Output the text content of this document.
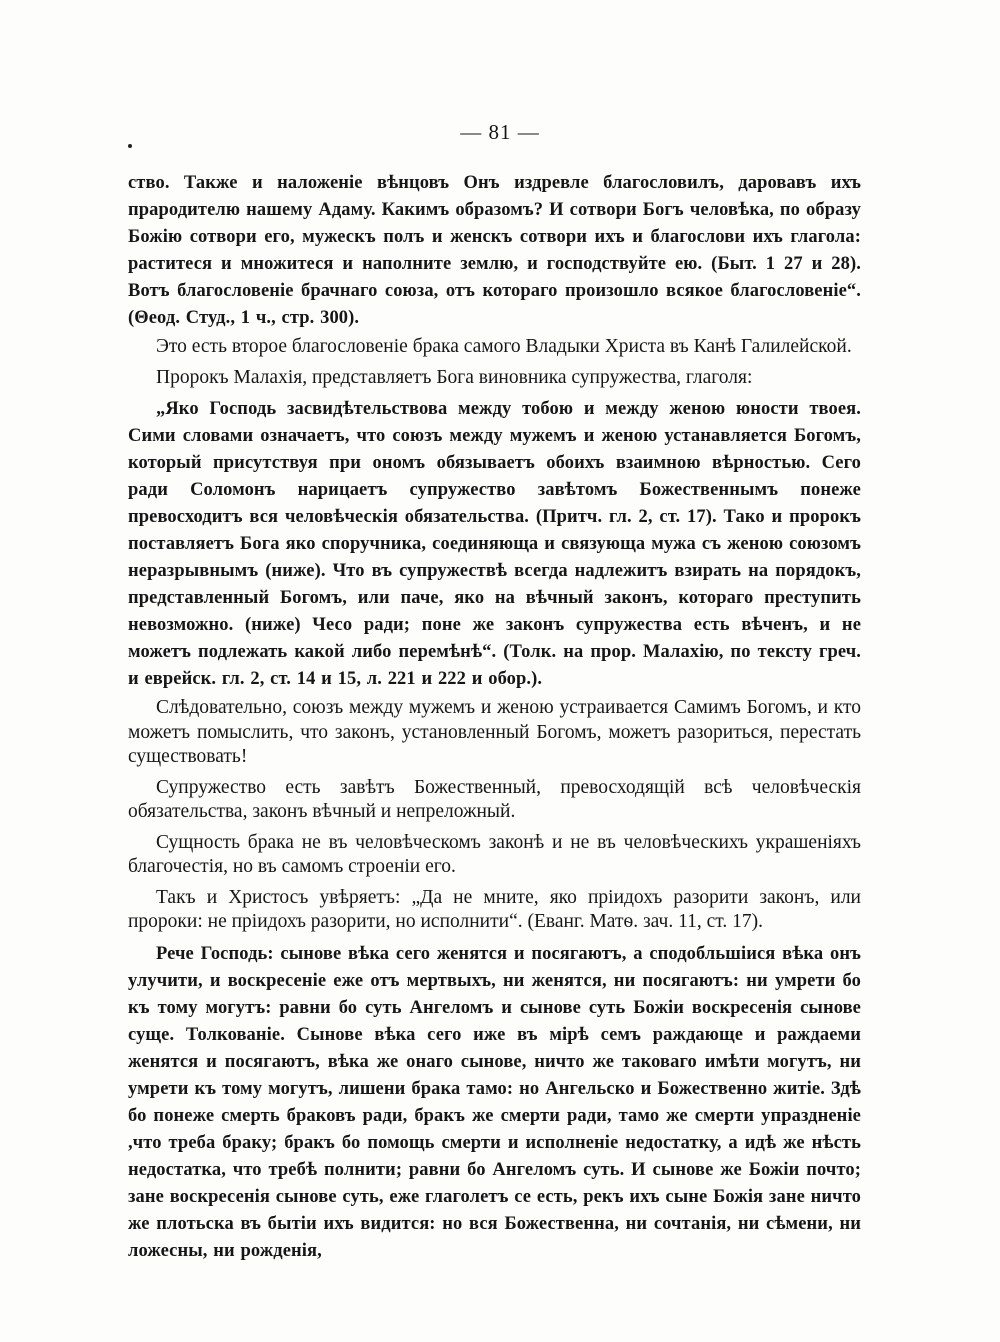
— 81 —

ство. Также и наложеніе вѣнцовъ Онъ издревле благословилъ, даровавъ ихъ прародителю нашему Адаму. Какимъ образомъ? И сотвори Богъ человѣка, по образу Божію сотвори его, мужескъ полъ и женскъ сотвори ихъ и благослови ихъ глагола: раститеся и множитеся и наполните землю, и господствуйте ею. (Быт. 1 27 и 28). Вотъ благословеніе брачнаго союза, отъ котораго произошло всякое благословеніе“. (Θеод. Студ., 1 ч., стр. 300).

Это есть второе благословеніе брака самого Владыки Христа въ Канѣ Галилейской.

Пророкъ Малахія, представляетъ Бога виновника супружества, глаголя:

„Яко Господь засвидѣтельствова между тобою и между женою юности твоея. Сими словами означаетъ, что союзъ между мужемъ и женою устанавляется Богомъ, который присутствуя при ономъ обязываетъ обоихъ взаимною вѣрностью. Сего ради Соломонъ нарицаетъ супружество завѣтомъ Божественнымъ понеже превосходитъ вся человѣческія обязательства. (Притч. гл. 2, ст. 17). Тако и пророкъ поставляетъ Бога яко споручника, соединяюща и связующа мужа съ женою союзомъ неразрывнымъ (ниже). Что въ супружествѣ всегда надлежитъ взирать на порядокъ, представленный Богомъ, или паче, яко на вѣчный законъ, котораго преступить невозможно. (ниже) Чесо ради; поне же законъ супружества есть вѣченъ, и не можетъ подлежать какой либо перемѣнѣ“. (Толк. на прор. Малахію, по тексту греч. и еврейск. гл. 2, ст. 14 и 15, л. 221 и 222 и обор.).

Слѣдовательно, союзъ между мужемъ и женою устраивается Самимъ Богомъ, и кто можетъ помыслить, что законъ, установленный Богомъ, можетъ разориться, перестать существовать!

Супружество есть завѣтъ Божественный, превосходящій всѣ человѣческія обязательства, законъ вѣчный и непреложный.

Сущность брака не въ человѣческомъ законѣ и не въ человѣческихъ украшеніяхъ благочестія, но въ самомъ строеніи его.

Такъ и Христосъ увѣряетъ: „Да не мните, яко пріидохъ разорити законъ, или пророки: не пріидохъ разорити, но исполнити“. (Еванг. Матѳ. зач. 11, ст. 17).

Рече Господь: сынове вѣка сего женятся и посягаютъ, а сподобльшіися вѣка онъ улучити, и воскресеніе еже отъ мертвыхъ, ни женятся, ни посягаютъ: ни умрети бо къ тому могутъ: равни бо суть Ангеломъ и сынове суть Божіи воскресенія сынове суще. Толкованіе. Сынове вѣка сего иже въ мірѣ семъ раждающе и раждаеми женятся и посягаютъ, вѣка же онаго сынове, ничто же таковаго имѣти могутъ, ни умрети къ тому могутъ, лишени брака тамо: но Ангельско и Божественно житіе. Здѣ бо понеже смерть браковъ ради, бракъ же смерти ради, тамо же смерти упраздненіе ,что треба браку; бракъ бо помощь смерти и исполненіе недостатку, а идѣ же нѣсть недостатка, что требѣ полнити; равни бо Ангеломъ суть. И сынове же Божіи почто; зане воскресенія сынове суть, еже глаголетъ се есть, рекъ ихъ сыне Божія зане ничто же плотьска въ бытіи ихъ видится: но вся Божественна, ни сочтанія, ни сѣмени, ни ложесны, ни рожденія,
